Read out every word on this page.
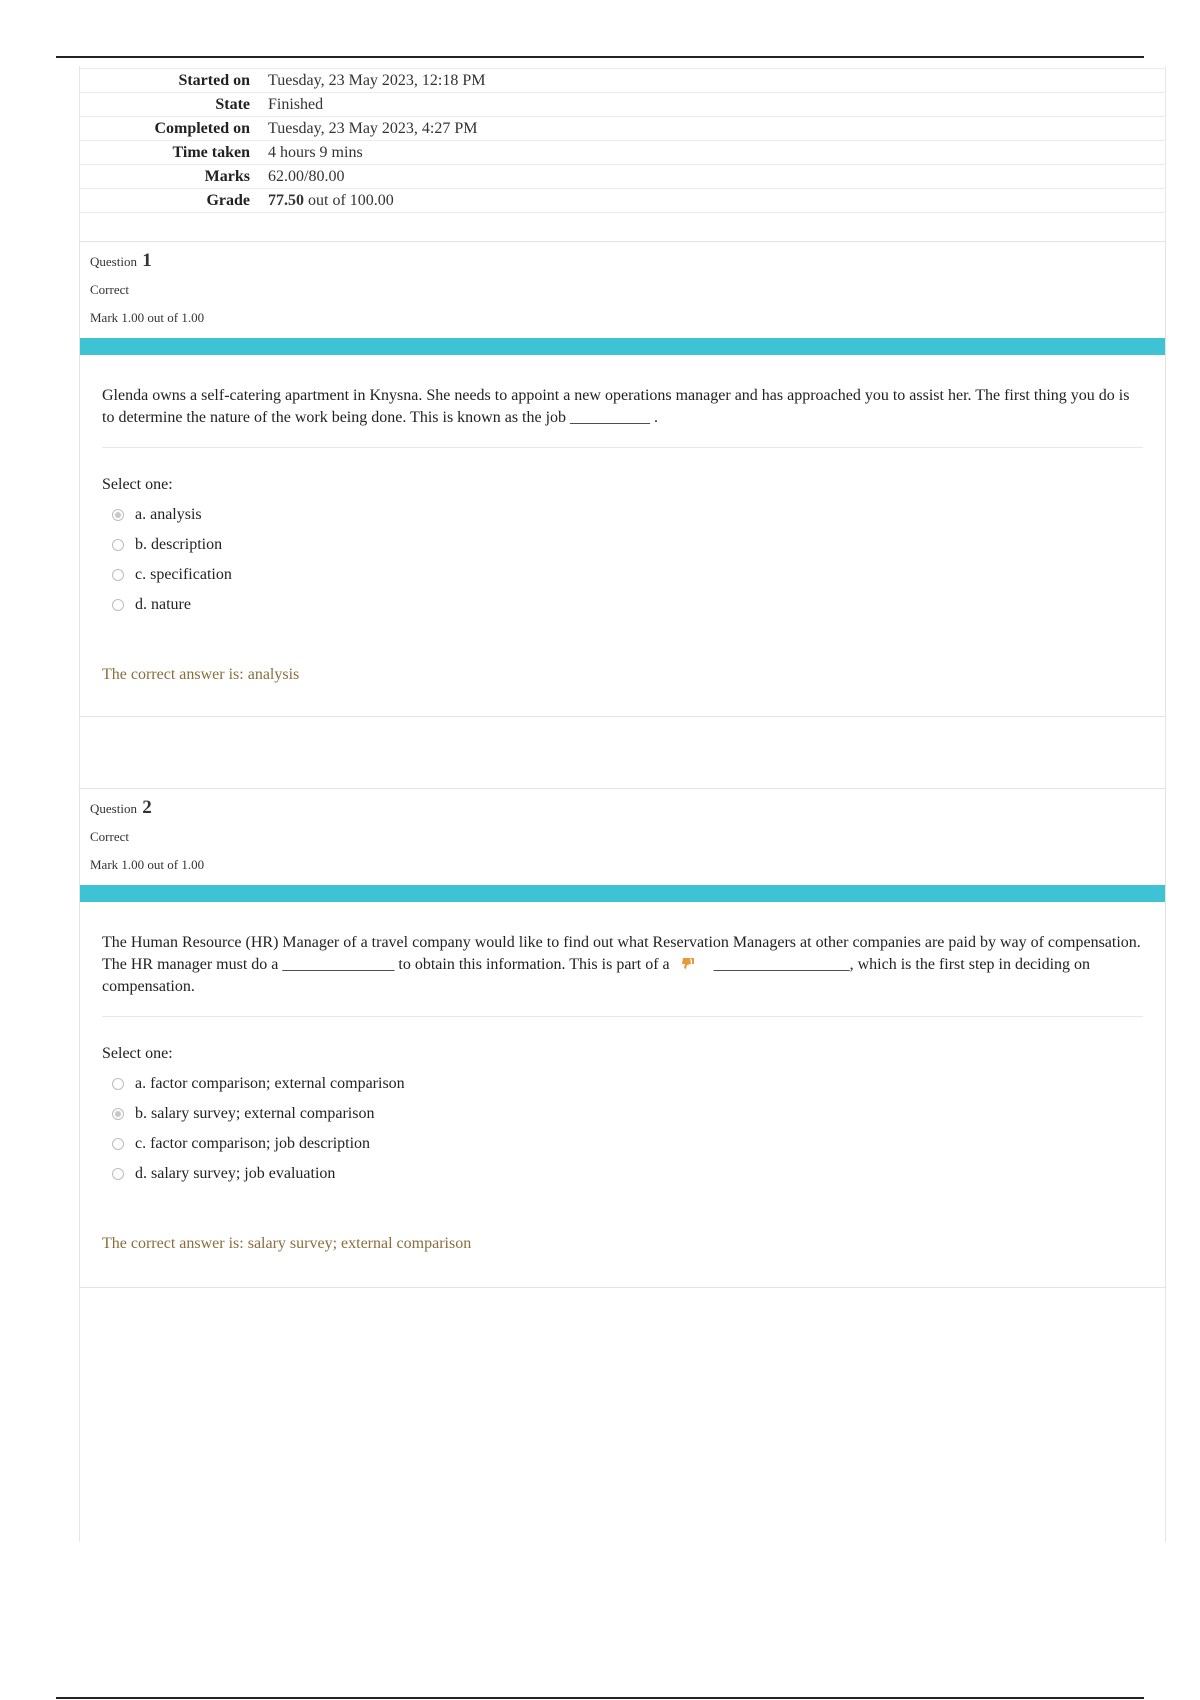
Started on	Tuesday, 23 May 2023, 12:18 PM
State	Finished
Completed on	Tuesday, 23 May 2023, 4:27 PM
Time taken	4 hours 9 mins
Marks	62.00/80.00
Grade	77.50 out of 100.00
Question 1
Correct
Mark 1.00 out of 1.00
Glenda owns a self-catering apartment in Knysna. She needs to appoint a new operations manager and has approached you to assist her. The first thing you do is to determine the nature of the work being done. This is known as the job __________ .
Select one:
a. analysis
b. description
c. specification
d. nature
The correct answer is: analysis
Question 2
Correct
Mark 1.00 out of 1.00
The Human Resource (HR) Manager of a travel company would like to find out what Reservation Managers at other companies are paid by way of compensation. The HR manager must do a ______________ to obtain this information. This is part of a	_________________, which is the first step in deciding on compensation.
Select one:
a. factor comparison; external comparison
b. salary survey; external comparison
c. factor comparison; job description
d. salary survey; job evaluation
The correct answer is: salary survey; external comparison
